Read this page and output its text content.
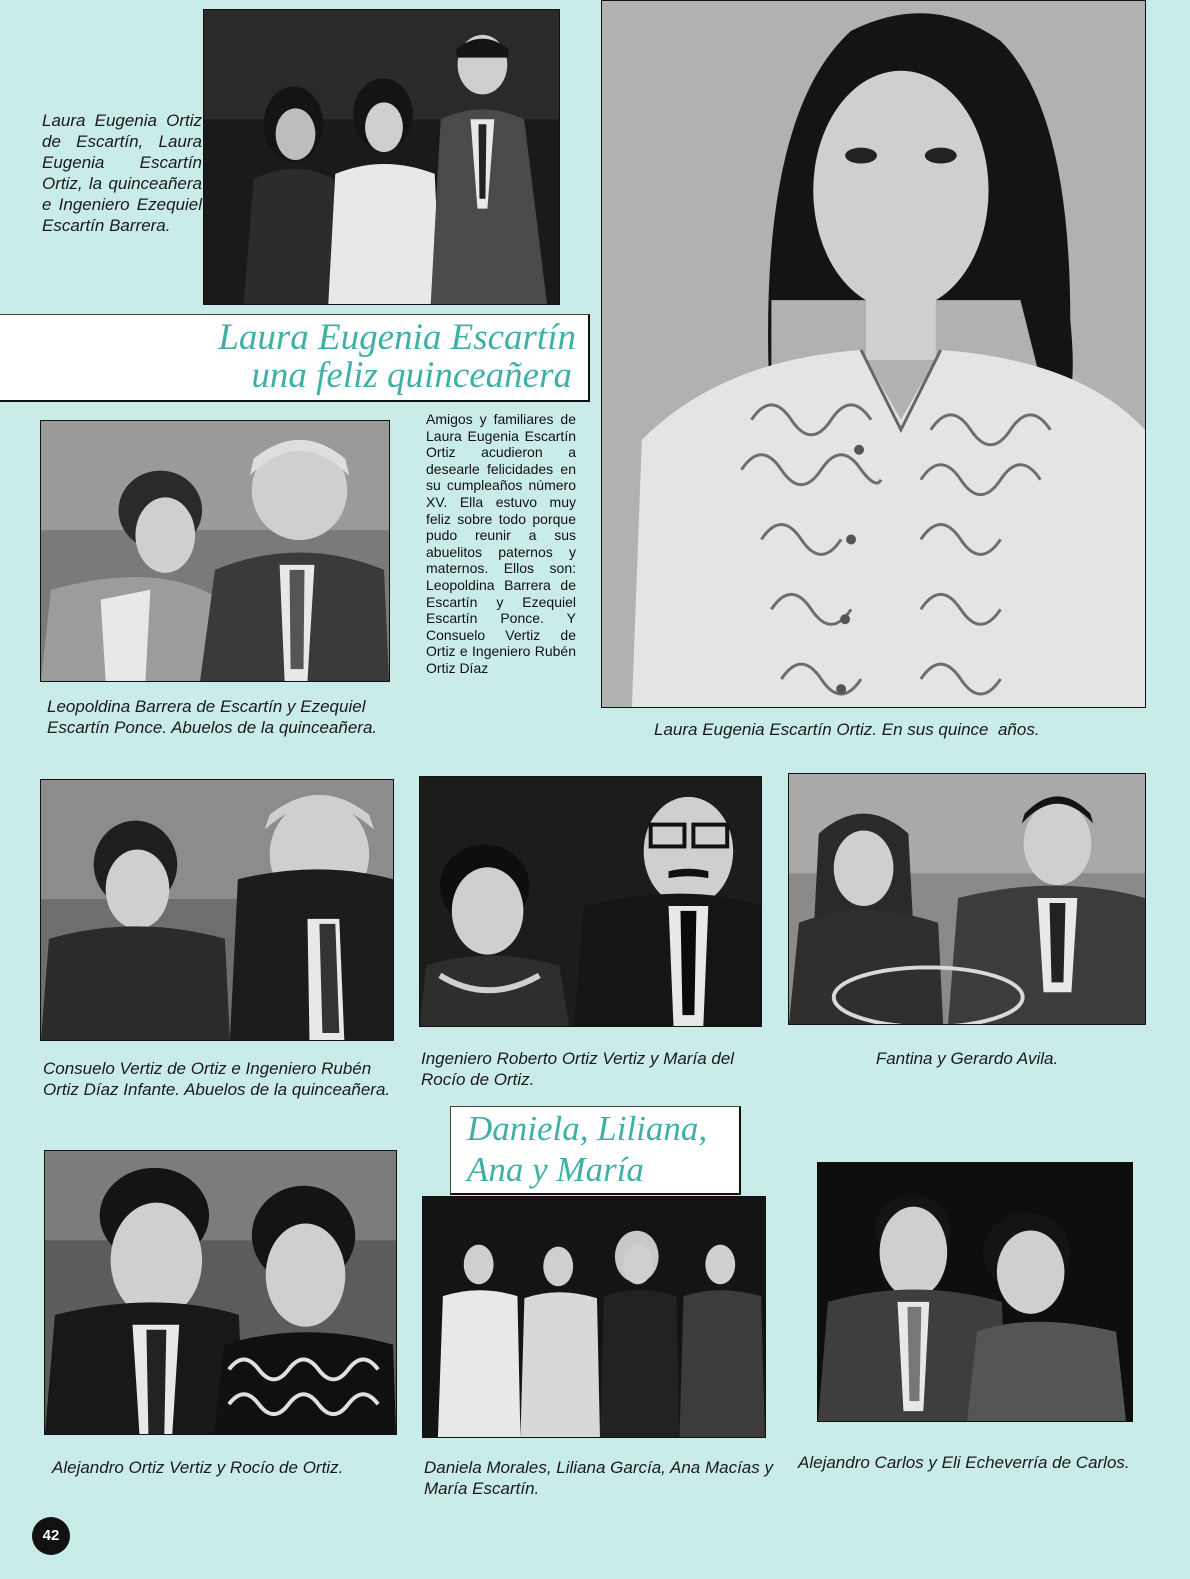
Laura Eugenia Ortiz de Escartín, Laura Eugenia Escartín Ortiz, la quinceañera e Ingeniero Ezequiel Escartín Barrera.
Laura Eugenia Escartín
una feliz quinceañera
Laura Eugenia Escartín Ortiz. En sus quince  años.
Leopoldina Barrera de Escartín y Ezequiel Escartín Ponce. Abuelos de la quinceañera.
Amigos y familiares de Laura Eugenia Escartín Ortiz acudieron a desearle felicidades en su cumpleaños número XV. Ella estuvo muy feliz sobre todo porque pudo reunir a sus abuelitos paternos y maternos. Ellos son: Leopoldina Barrera de Escartín y Ezequiel Escartín Ponce. Y Consuelo Vertiz de Ortiz e Ingeniero Rubén Ortiz Díaz
Consuelo Vertiz de Ortiz e Ingeniero Rubén Ortiz Díaz Infante. Abuelos de la quinceañera.
Ingeniero Roberto Ortiz Vertiz y María del Rocío de Ortiz.
Fantina y Gerardo Avila.
Daniela, Liliana,
Ana y María
Alejandro Ortiz Vertiz y Rocío de Ortiz.	Daniela Morales, Liliana García, Ana Macías y María Escartín.
Alejandro Carlos y Eli Echeverría de Carlos.
42
